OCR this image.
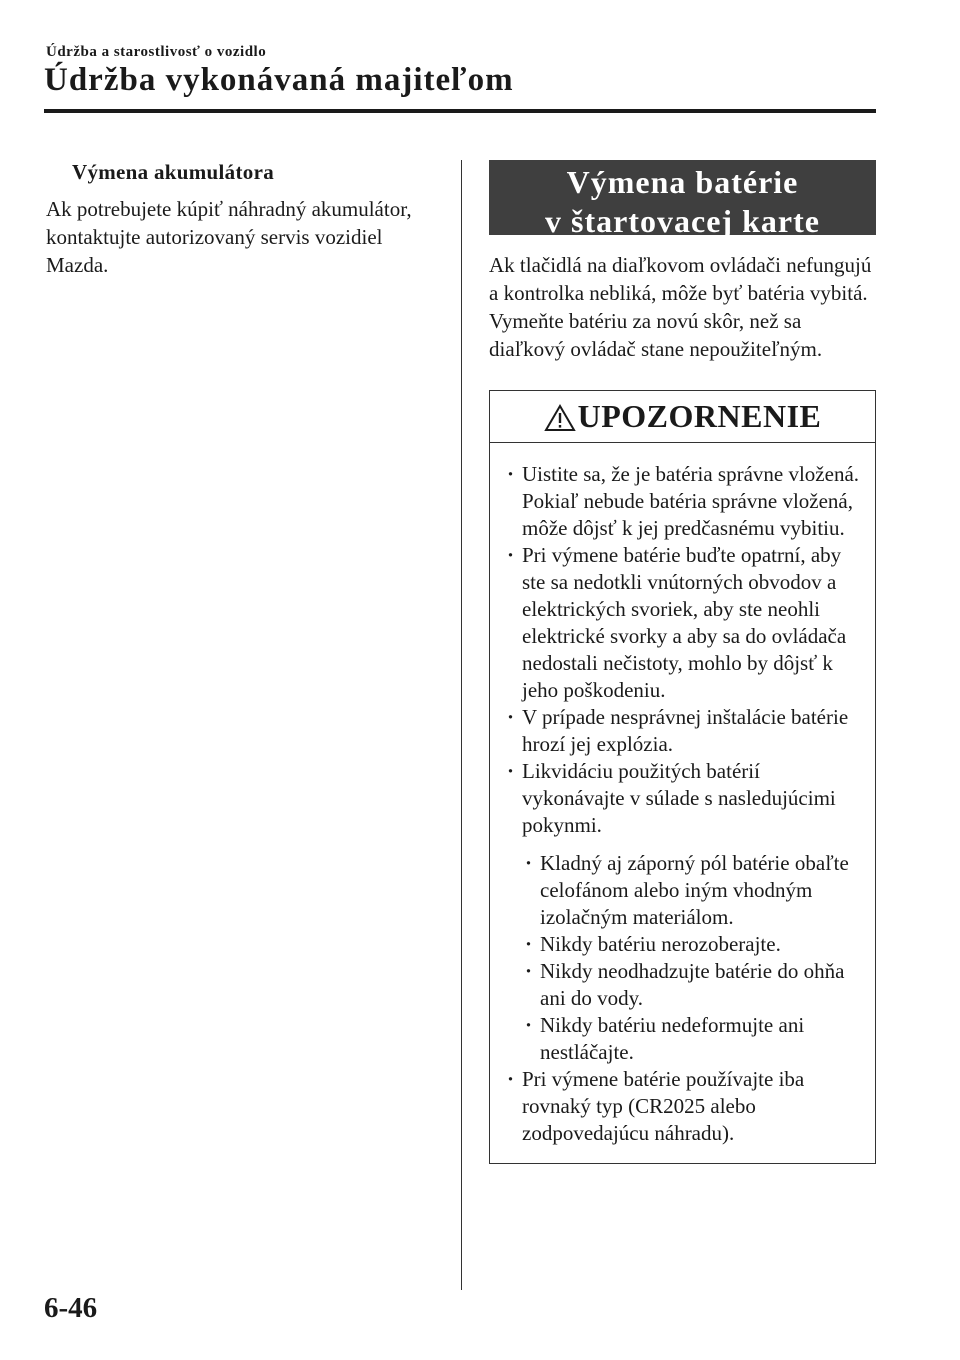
Údržba a starostlivosť o vozidlo
Údržba vykonávaná majiteľom

Výmena akumulátora

Ak potrebujete kúpiť náhradný akumulátor, kontaktujte autorizovaný servis vozidiel Mazda.

Výmena batérie
v štartovacej karte

Ak tlačidlá na diaľkovom ovládači nefungujú a kontrolka nebliká, môže byť batéria vybitá.

Vymeňte batériu za novú skôr, než sa diaľkový ovládač stane nepoužiteľným.

UPOZORNENIE
· Uistite sa, že je batéria správne vložená. Pokiaľ nebude batéria správne vložená, môže dôjsť k jej predčasnému vybitiu.
· Pri výmene batérie buďte opatrní, aby ste sa nedotkli vnútorných obvodov a elektrických svoriek, aby ste neohli elektrické svorky a aby sa do ovládača nedostali nečistoty, mohlo by dôjsť k jeho poškodeniu.
· V prípade nesprávnej inštalácie batérie hrozí jej explózia.
· Likvidáciu použitých batérií vykonávajte v súlade s nasledujúcimi pokynmi.
· Kladný aj záporný pól batérie obaľte celofánom alebo iným vhodným izolačným materiálom.
· Nikdy batériu nerozoberajte.
· Nikdy neodhadzujte batérie do ohňa ani do vody.
· Nikdy batériu nedeformujte ani nestláčajte.
· Pri výmene batérie používajte iba rovnaký typ (CR2025 alebo zodpovedajúcu náhradu).
6-46
